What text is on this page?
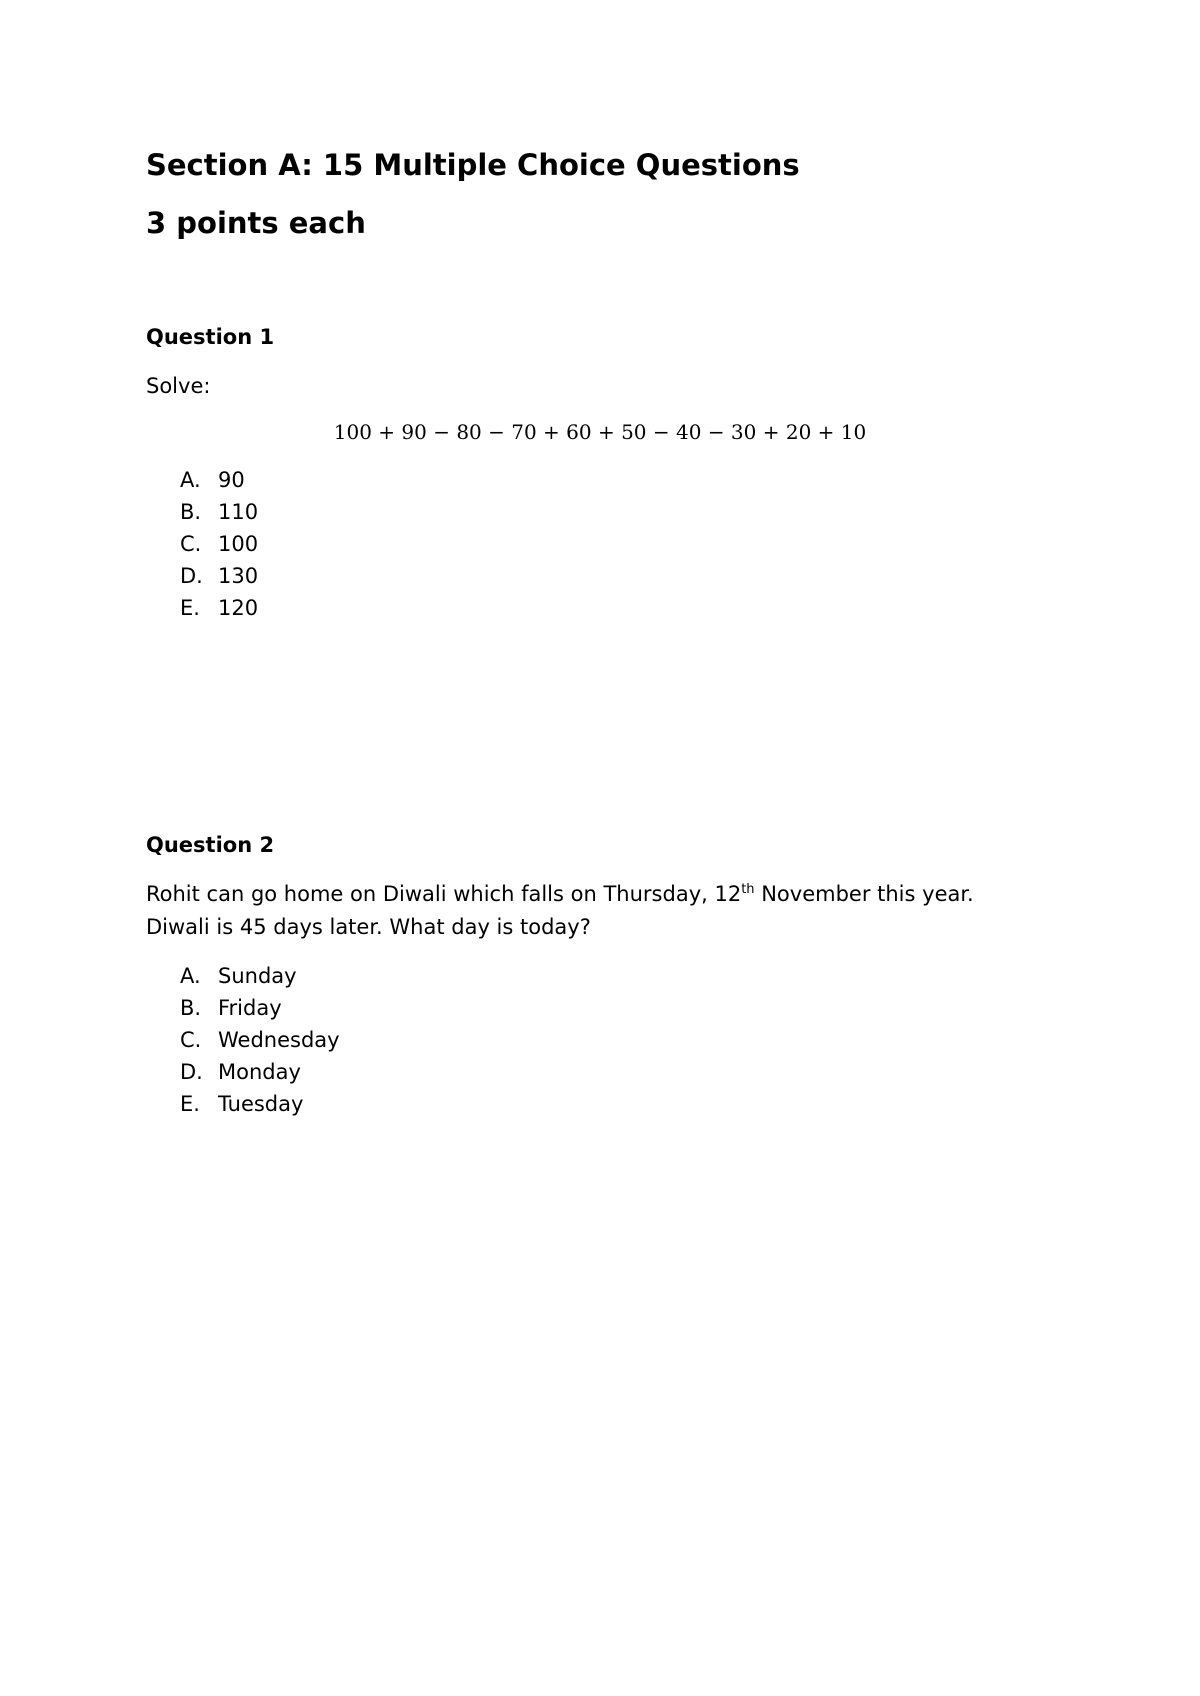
Section A: 15 Multiple Choice Questions
3 points each
Question 1

Solve:

100 + 90 − 80 − 70 + 60 + 50 − 40 − 30 + 20 + 10

A. 90
B. 110
C. 100
D. 130
E. 120
Question 2

Rohit can go home on Diwali which falls on Thursday, 12th November this year.
Diwali is 45 days later. What day is today?

A. Sunday
B. Friday
C. Wednesday
D. Monday
E. Tuesday
